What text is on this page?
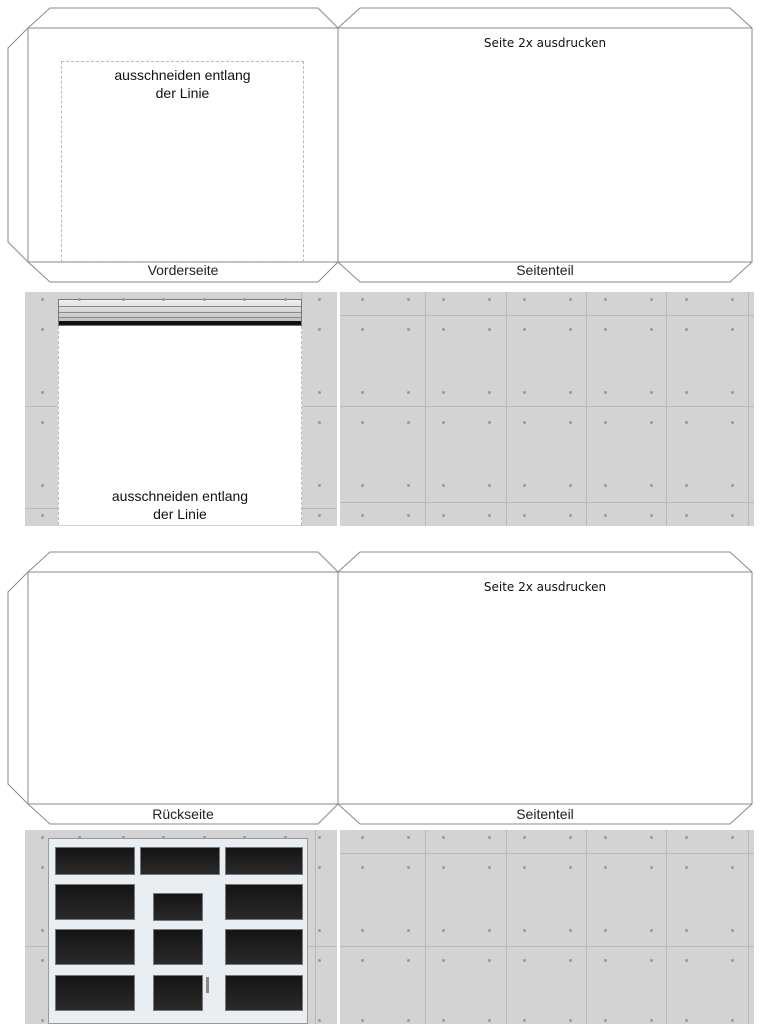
ausschneiden entlang
der Linie
Seite 2x ausdrucken
Vorderseite	Seitenteil
ausschneiden entlang
der Linie
Seite 2x ausdrucken
Rückseite	Seitenteil
